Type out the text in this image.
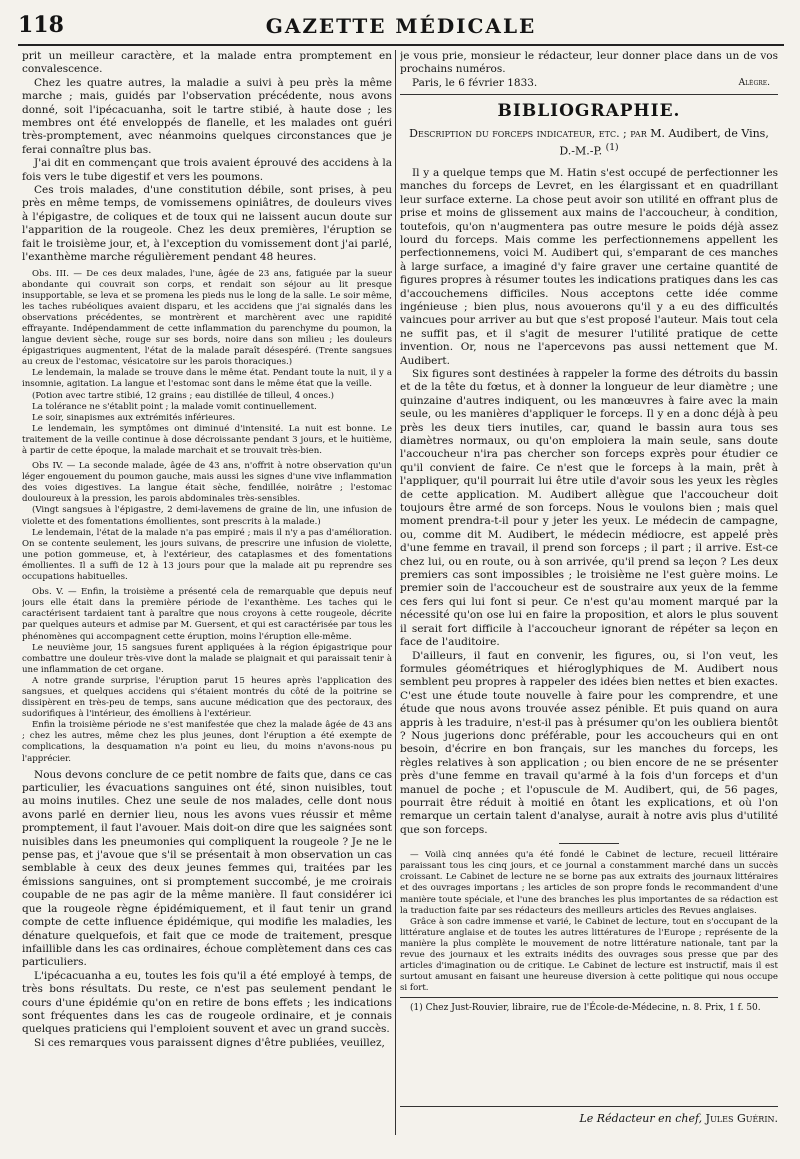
118	GAZETTE MÉDICALE

prit un meilleur caractère, et la malade entra promptement en convalescence.

Chez les quatre autres, la maladie a suivi à peu près la même marche ; mais, guidés par l'observation précédente, nous avons donné, soit l'ipécacuanha, soit le tartre stibié, à haute dose ; les membres ont été enveloppés de flanelle, et les malades ont guéri très-promptement, avec néanmoins quelques circonstances que je ferai connaître plus bas.

J'ai dit en commençant que trois avaient éprouvé des accidens à la fois vers le tube digestif et vers les poumons.

Ces trois malades, d'une constitution débile, sont prises, à peu près en même temps, de vomissemens opiniâtres, de douleurs vives à l'épigastre, de coliques et de toux qui ne laissent aucun doute sur l'apparition de la rougeole. Chez les deux premières, l'éruption se fait le troisième jour, et, à l'exception du vomissement dont j'ai parlé, l'exanthème marche régulièrement pendant 48 heures.

Obs. III. — De ces deux malades, l'une, âgée de 23 ans, fatiguée par la sueur abondante qui couvrait son corps, et rendait son séjour au lit presque insupportable, se leva et se promena les pieds nus le long de la salle. Le soir même, les taches rubéoliques avaient disparu, et les accidens que j'ai signalés dans les observations précédentes, se montrèrent et marchèrent avec une rapidité effrayante. Indépendamment de cette inflammation du parenchyme du poumon, la langue devient sèche, rouge sur ses bords, noire dans son milieu ; les douleurs épigastriques augmentent, l'état de la malade paraît désespéré. (Trente sangsues au creux de l'estomac, vésicatoire sur les parois thoraciques.)

Le lendemain, la malade se trouve dans le même état. Pendant toute la nuit, il y a insomnie, agitation. La langue et l'estomac sont dans le même état que la veille.

(Potion avec tartre stibié, 12 grains ; eau distillée de tilleul, 4 onces.)

La tolérance ne s'établit point ; la malade vomit continuellement.

Le soir, sinapismes aux extrémités inférieures.

Le lendemain, les symptômes ont diminué d'intensité. La nuit est bonne. Le traitement de la veille continue à dose décroissante pendant 3 jours, et le huitième, à partir de cette époque, la malade marchait et se trouvait très-bien.

Obs IV. — La seconde malade, âgée de 43 ans, n'offrit à notre observation qu'un léger engouement du poumon gauche, mais aussi les signes d'une vive inflammation des voies digestives. La langue était sèche, fendillée, noirâtre ; l'estomac douloureux à la pression, les parois abdominales très-sensibles.

(Vingt sangsues à l'épigastre, 2 demi-lavemens de graine de lin, une infusion de violette et des fomentations émollientes, sont prescrits à la malade.)

Le lendemain, l'état de la malade n'a pas empiré ; mais il n'y a pas d'amélioration. On se contente seulement, les jours suivans, de prescrire une infusion de violette, une potion gommeuse, et, à l'extérieur, des cataplasmes et des fomentations émollientes. Il a suffi de 12 à 13 jours pour que la malade ait pu reprendre ses occupations habituelles.

Obs. V. — Enfin, la troisième a présenté cela de remarquable que depuis neuf jours elle était dans la première période de l'exanthème. Les taches qui le caractérisent tardaient tant à paraître que nous croyons à cette rougeole, décrite par quelques auteurs et admise par M. Guersent, et qui est caractérisée par tous les phénomènes qui accompagnent cette éruption, moins l'éruption elle-même.

Le neuvième jour, 15 sangsues furent appliquées à la région épigastrique pour combattre une douleur très-vive dont la malade se plaignait et qui paraissait tenir à une inflammation de cet organe.

A notre grande surprise, l'éruption parut 15 heures après l'application des sangsues, et quelques accidens qui s'étaient montrés du côté de la poitrine se dissipèrent en très-peu de temps, sans aucune médication que des pectoraux, des sudorifiques à l'intérieur, des émolliens à l'extérieur.

Enfin la troisième période ne s'est manifestée que chez la malade âgée de 43 ans ; chez les autres, même chez les plus jeunes, dont l'éruption a été exempte de complications, la desquamation n'a point eu lieu, du moins n'avons-nous pu l'apprécier.

Nous devons conclure de ce petit nombre de faits que, dans ce cas particulier, les évacuations sanguines ont été, sinon nuisibles, tout au moins inutiles. Chez une seule de nos malades, celle dont nous avons parlé en dernier lieu, nous les avons vues réussir et même promptement, il faut l'avouer. Mais doit-on dire que les saignées sont nuisibles dans les pneumonies qui compliquent la rougeole ? Je ne le pense pas, et j'avoue que s'il se présentait à mon observation un cas semblable à ceux des deux jeunes femmes qui, traitées par les émissions sanguines, ont si promptement succombé, je me croirais coupable de ne pas agir de la même manière. Il faut considérer ici que la rougeole règne épidémiquement, et il faut tenir un grand compte de cette influence épidémique, qui modifie les maladies, les dénature quelquefois, et fait que ce mode de traitement, presque infaillible dans les cas ordinaires, échoue complètement dans ces cas particuliers.

L'ipécacuanha a eu, toutes les fois qu'il a été employé à temps, de très bons résultats. Du reste, ce n'est pas seulement pendant le cours d'une épidémie qu'on en retire de bons effets ; les indications sont fréquentes dans les cas de rougeole ordinaire, et je connais quelques praticiens qui l'emploient souvent et avec un grand succès.

Si ces remarques vous paraissent dignes d'être publiées, veuillez,

je vous prie, monsieur le rédacteur, leur donner place dans un de vos prochains numéros.

Paris, le 6 février 1833.	Alègre.
BIBLIOGRAPHIE.
Description du forceps indicateur, etc. ; par M. Audibert, de Vins, D.-M.-P. $^{(1)}$

Il y a quelque temps que M. Hatin s'est occupé de perfectionner les manches du forceps de Levret, en les élargissant et en quadrillant leur surface externe. La chose peut avoir son utilité en offrant plus de prise et moins de glissement aux mains de l'accoucheur, à condition, toutefois, qu'on n'augmentera pas outre mesure le poids déjà assez lourd du forceps. Mais comme les perfectionnemens appellent les perfectionnemens, voici M. Audibert qui, s'emparant de ces manches à large surface, a imaginé d'y faire graver une certaine quantité de figures propres à résumer toutes les indications pratiques dans les cas d'accouchemens difficiles. Nous acceptons cette idée comme ingénieuse ; bien plus, nous avouerons qu'il y a eu des difficultés vaincues pour arriver au but que s'est proposé l'auteur. Mais tout cela ne suffit pas, et il s'agit de mesurer l'utilité pratique de cette invention. Or, nous ne l'apercevons pas aussi nettement que M. Audibert.

Six figures sont destinées à rappeler la forme des détroits du bassin et de la tête du fœtus, et à donner la longueur de leur diamètre ; une quinzaine d'autres indiquent, ou les manœuvres à faire avec la main seule, ou les manières d'appliquer le forceps. Il y en a donc déjà à peu près les deux tiers inutiles, car, quand le bassin aura tous ses diamètres normaux, ou qu'on emploiera la main seule, sans doute l'accoucheur n'ira pas chercher son forceps exprès pour étudier ce qu'il convient de faire. Ce n'est que le forceps à la main, prêt à l'appliquer, qu'il pourrait lui être utile d'avoir sous les yeux les règles de cette application. M. Audibert allègue que l'accoucheur doit toujours être armé de son forceps. Nous le voulons bien ; mais quel moment prendra-t-il pour y jeter les yeux. Le médecin de campagne, ou, comme dit M. Audibert, le médecin médiocre, est appelé près d'une femme en travail, il prend son forceps ; il part ; il arrive. Est-ce chez lui, ou en route, ou à son arrivée, qu'il prend sa leçon ? Les deux premiers cas sont impossibles ; le troisième ne l'est guère moins. Le premier soin de l'accoucheur est de soustraire aux yeux de la femme ces fers qui lui font si peur. Ce n'est qu'au moment marqué par la nécessité qu'on ose lui en faire la proposition, et alors le plus souvent il serait fort difficile à l'accoucheur ignorant de répéter sa leçon en face de l'auditoire.

D'ailleurs, il faut en convenir, les figures, ou, si l'on veut, les formules géométriques et hiéroglyphiques de M. Audibert nous semblent peu propres à rappeler des idées bien nettes et bien exactes. C'est une étude toute nouvelle à faire pour les comprendre, et une étude que nous avons trouvée assez pénible. Et puis quand on aura appris à les traduire, n'est-il pas à présumer qu'on les oubliera bientôt ? Nous jugerions donc préférable, pour les accoucheurs qui en ont besoin, d'écrire en bon français, sur les manches du forceps, les règles relatives à son application ; ou bien encore de ne se présenter près d'une femme en travail qu'armé à la fois d'un forceps et d'un manuel de poche ; et l'opuscule de M. Audibert, qui, de 56 pages, pourrait être réduit à moitié en ôtant les explications, et où l'on remarque un certain talent d'analyse, aurait à notre avis plus d'utilité que son forceps.

— Voilà cinq années qu'a été fondé le Cabinet de lecture, recueil littéraire paraissant tous les cinq jours, et ce journal a constamment marché dans un succès croissant. Le Cabinet de lecture ne se borne pas aux extraits des journaux littéraires et des ouvrages importans ; les articles de son propre fonds le recommandent d'une manière toute spéciale, et l'une des branches les plus importantes de sa rédaction est la traduction faite par ses rédacteurs des meilleurs articles des Revues anglaises.

Grâce à son cadre immense et varié, le Cabinet de lecture, tout en s'occupant de la littérature anglaise et de toutes les autres littératures de l'Europe ; représente de la manière la plus complète le mouvement de notre littérature nationale, tant par la revue des journaux et les extraits inédits des ouvrages sous presse que par des articles d'imagination ou de critique. Le Cabinet de lecture est instructif, mais il est surtout amusant en faisant une heureuse diversion à cette politique qui nous occupe si fort.

(1) Chez Just-Rouvier, libraire, rue de l'École-de-Médecine, n. 8. Prix, 1 f. 50.

Le Rédacteur en chef, Jules Guérin.
